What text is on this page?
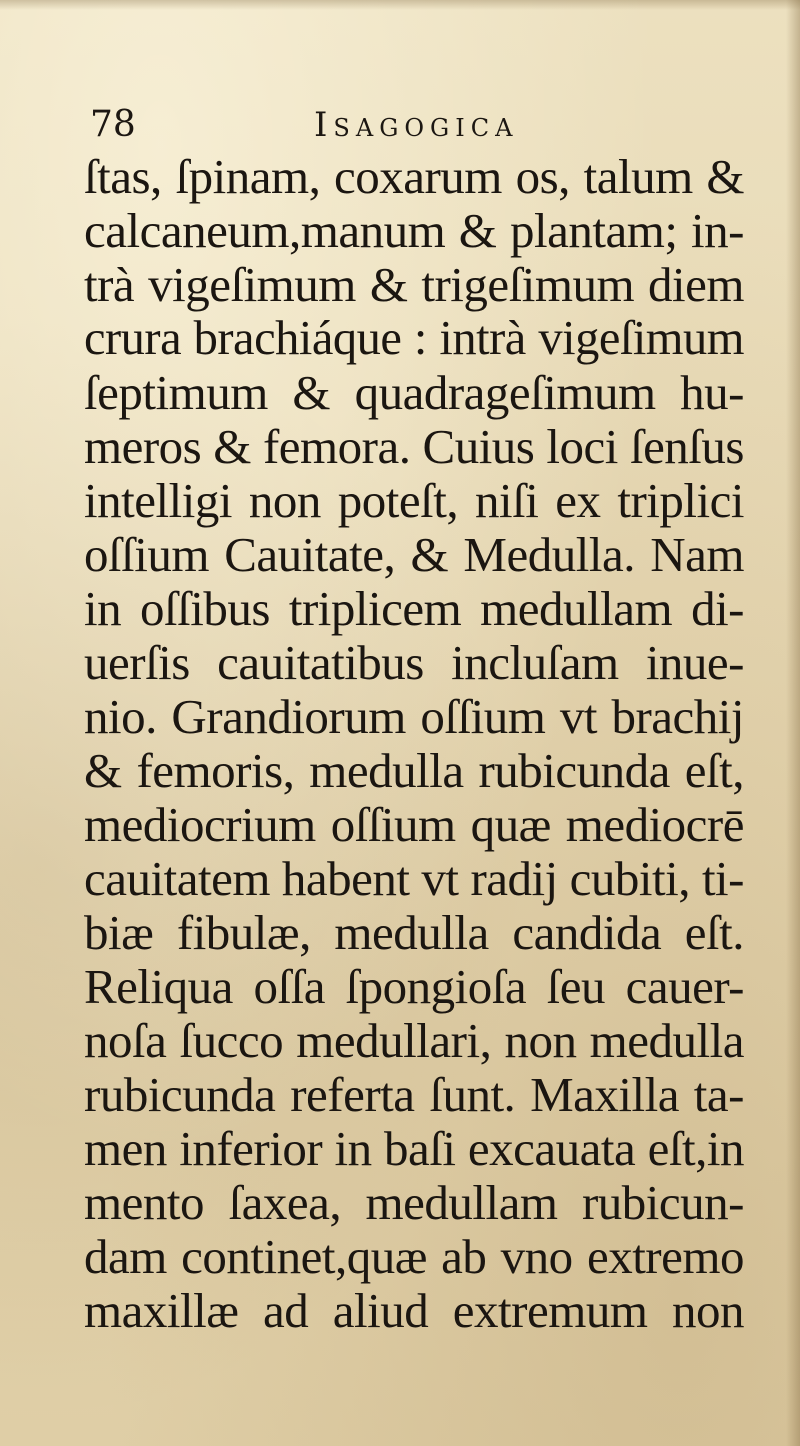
78	Isagogica
ſtas, ſpinam, coxarum os, talum &
calcaneum,manum & plantam; in-
trà vigeſimum & trigeſimum diem
crura brachiáque : intrà vigeſimum
ſeptimum & quadrageſimum hu-
meros & femora. Cuius loci ſenſus
intelligi non poteſt, niſi ex triplici
oſſium Cauitate, & Medulla. Nam
in oſſibus triplicem medullam di-
uerſis cauitatibus incluſam inue-
nio. Grandiorum oſſium vt brachij
& femoris, medulla rubicunda eſt,
mediocrium oſſium quæ mediocrē
cauitatem habent vt radij cubiti, ti-
biæ fibulæ, medulla candida eſt.
Reliqua oſſa ſpongioſa ſeu cauer-
noſa ſucco medullari, non medulla
rubicunda referta ſunt. Maxilla ta-
men inferior in baſi excauata eſt,in
mento ſaxea, medullam rubicun-
dam continet,quæ ab vno extremo
maxillæ ad aliud extremum non
